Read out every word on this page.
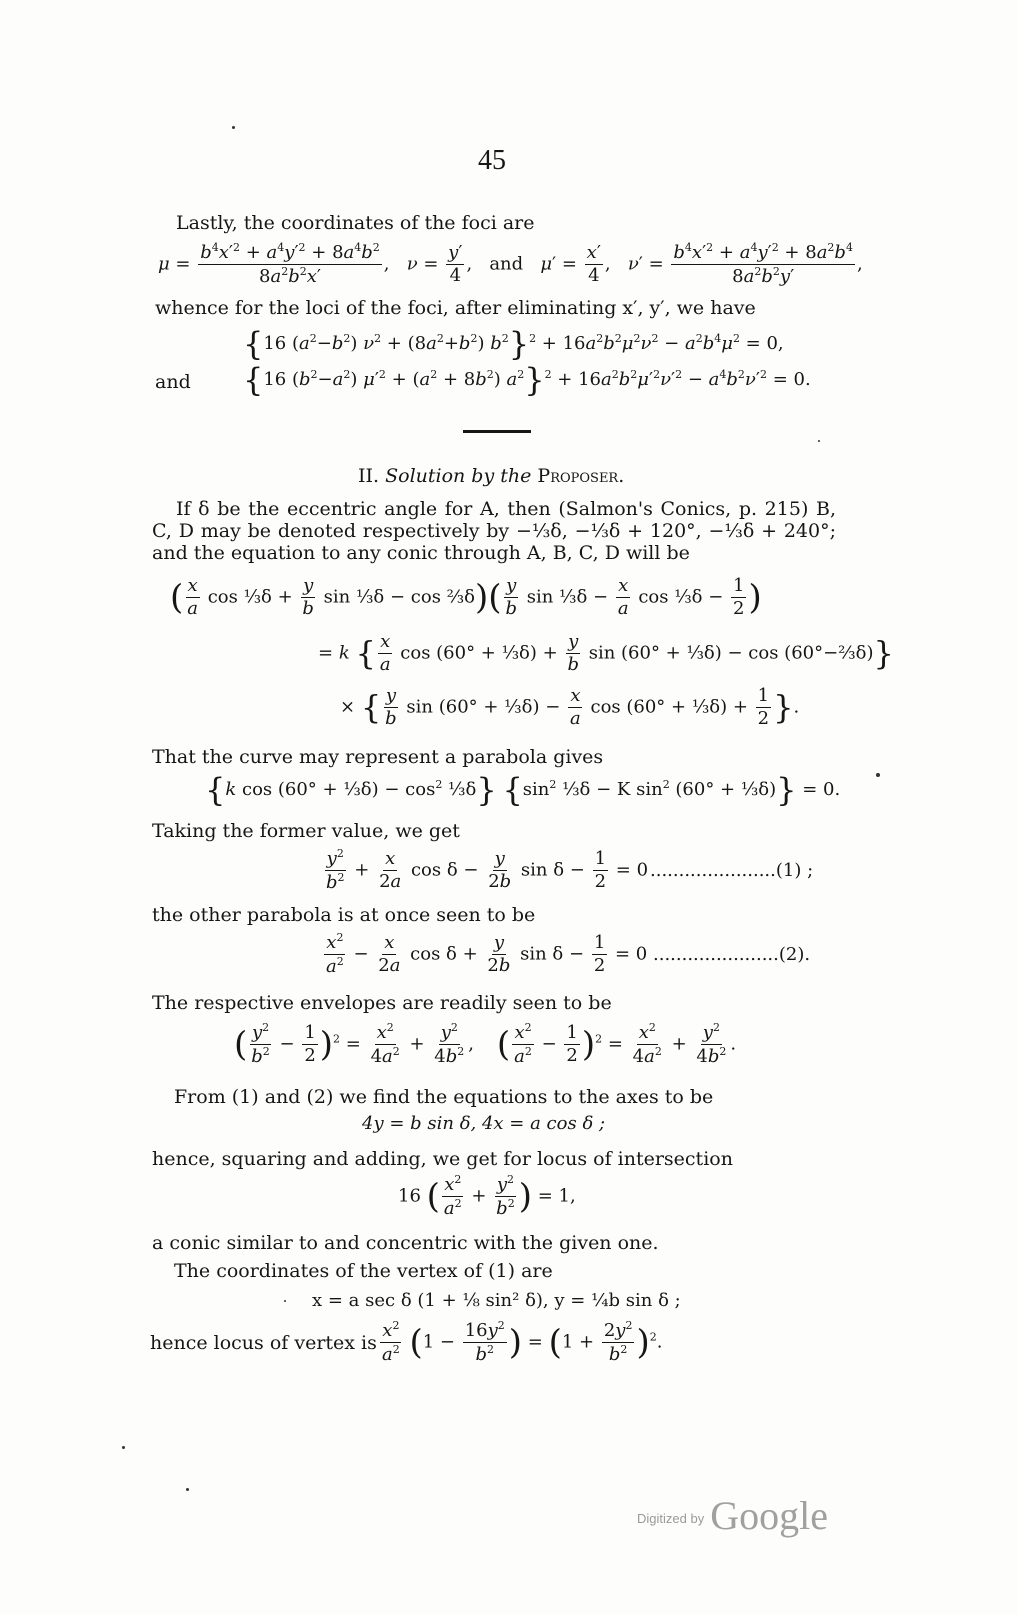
45
Lastly, the coordinates of the foci are
$\mu = \frac{b^4x'^2 + a^4y'^2 + 8a^4b^2}{8a^2b^2x'}$ ,   $\nu = \frac{y'}{4}$ ,   and   $\mu' = \frac{x'}{4}$ ,   $\nu' = \frac{b^4x'^2 + a^4y'^2 + 8a^2b^4}{8a^2b^2y'}$ ,
whence for the loci of the foci, after eliminating x′, y′, we have
{16 $(a^2-b^2) \nu^2 + (8a^2+b^2) b^2\}^2 + 16a^2b^2\mu^2\nu^2 - a^2b^4\mu^2 = 0$,
and {16 $(b^2-a^2) \mu'^2 + (a^2 + 8b^2) a^2\}^2 + 16a^2b^2\mu'^2\nu'^2 - a^4b^2\nu'^2 = 0$.
II. Solution by the Proposer.
If δ be the eccentric angle for A, then (Salmon's Conics, p. 215) B, C, D may be denoted respectively by −⅓δ, −⅓δ + 120°, −⅓δ + 240°; and the equation to any conic through A, B, C, D will be
( $\frac{x}{a}$ cos ⅓δ + $\frac{y}{b}$ sin ⅓δ − cos ⅔δ)( $\frac{y}{b}$ sin ⅓δ − $\frac{x}{a}$ cos ⅓δ − $\frac{1}{2}$ )
= k { $\frac{x}{a}$ cos (60° + ⅓δ) + $\frac{y}{b}$ sin (60° + ⅓δ) − cos (60°−⅔δ)}
× { $\frac{y}{b}$ sin (60° + ⅓δ) − $\frac{x}{a}$ cos (60° + ⅓δ) + $\frac{1}{2}$ }.
That the curve may represent a parabola gives
{k cos (60° + ⅓δ) − $\cos^2$ ⅓δ} {$\sin^2$ ⅓δ − K $\sin^2 (60^\circ$ + ⅓δ)} = 0.
Taking the former value, we get
$\frac{y^2}{b^2} + \frac{x}{2a}$ $\cos \delta - \frac{y}{2b}$ $\sin \delta - \frac{1}{2} = 0$
......................(1) ;
the other parabola is at once seen to be
$\frac{x^2}{a^2} - \frac{x}{2a}$ $\cos \delta + \frac{y}{2b}$ $\sin \delta - \frac{1}{2} = 0$
......................(2).
The respective envelopes are readily seen to be
( $\frac{y^2}{b^2} - \frac{1}{2} )^2 = \frac{x^2}{4a^2} + \frac{y^2}{4b^2}$ ,    ( $\frac{x^2}{a^2} - \frac{1}{2} )^2 = \frac{x^2}{4a^2} + \frac{y^2}{4b^2}$ .
From (1) and (2) we find the equations to the axes to be
4y = b sin δ, 4x = a cos δ ;
hence, squaring and adding, we get for locus of intersection
16 ( $\frac{x^2}{a^2} + \frac{y^2}{b^2}$ ) = 1,
a conic similar to and concentric with the given one.
The coordinates of the vertex of (1) are
x = a sec δ (1 + ⅛ sin² δ), y = ¼b sin δ ;
hence locus of vertex is $\frac{x^2}{a^2} (1 - \frac{16y^2}{b^2}$ ) = $(1 + \frac{2y^2}{b^2} )^2$.
$^{Digitized by}$ Google
